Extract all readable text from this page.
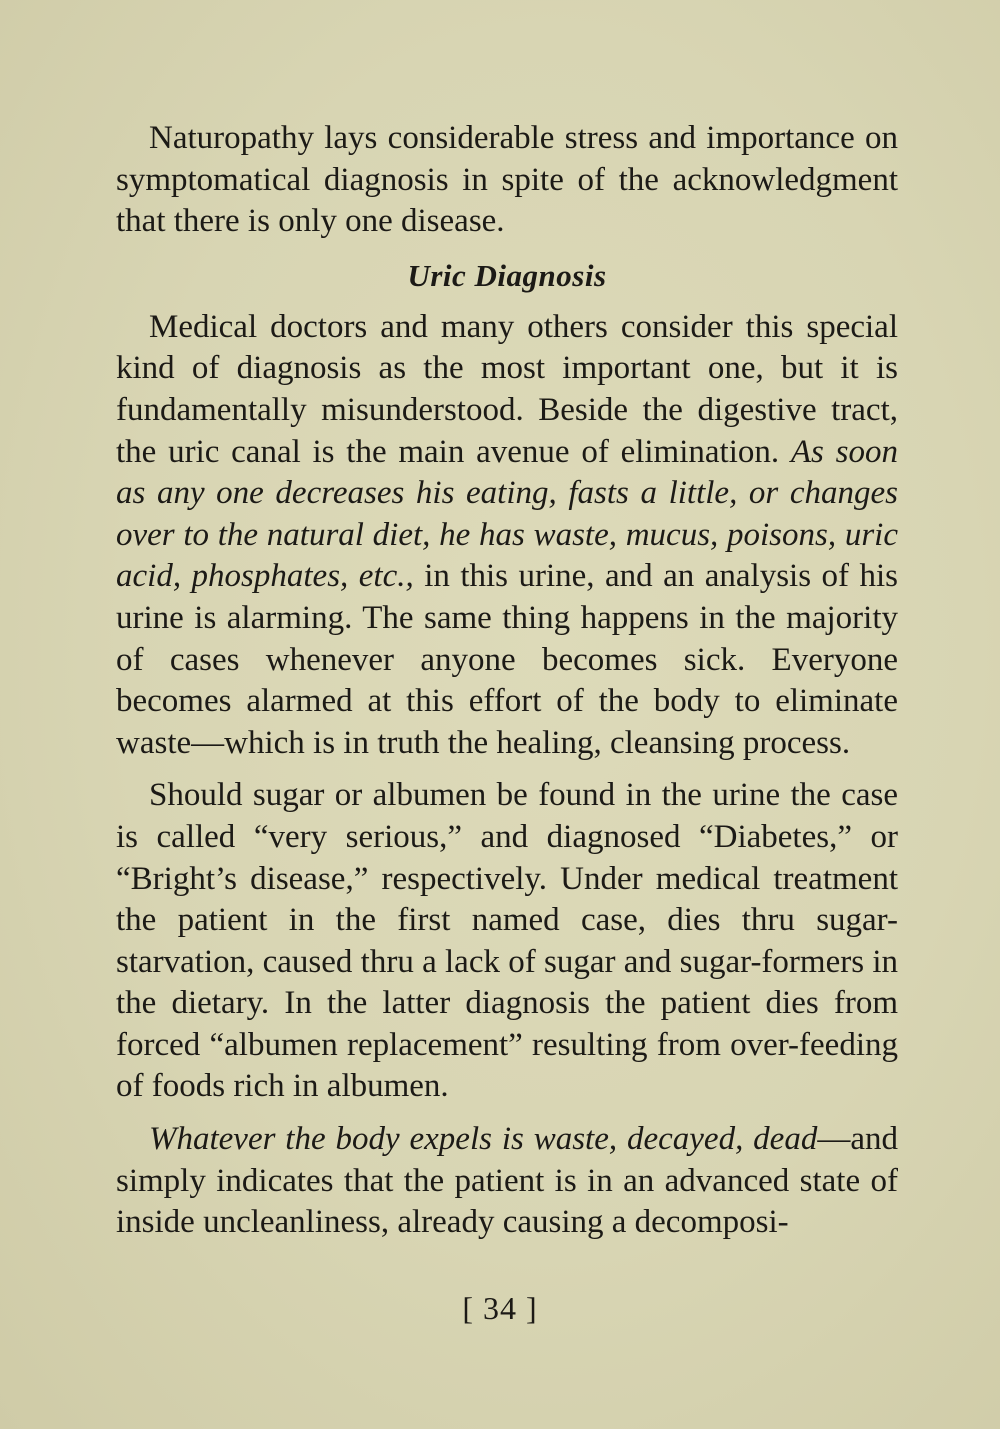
Naturopathy lays considerable stress and importance on symptomatical diagnosis in spite of the acknowledgment that there is only one disease.

Uric Diagnosis

Medical doctors and many others consider this special kind of diagnosis as the most important one, but it is fundamentally misunderstood. Beside the digestive tract, the uric canal is the main avenue of elimination. As soon as any one decreases his eating, fasts a little, or changes over to the natural diet, he has waste, mucus, poisons, uric acid, phosphates, etc., in this urine, and an analysis of his urine is alarming. The same thing happens in the majority of cases whenever anyone becomes sick. Everyone becomes alarmed at this effort of the body to eliminate waste—which is in truth the healing, cleansing process.

Should sugar or albumen be found in the urine the case is called “very serious,” and diagnosed “Diabetes,” or “Bright’s disease,” respectively. Under medical treatment the patient in the first named case, dies thru sugar-starvation, caused thru a lack of sugar and sugar-formers in the dietary. In the latter diagnosis the patient dies from forced “albumen replacement” resulting from over-feeding of foods rich in albumen.

Whatever the body expels is waste, decayed, dead—and simply indicates that the patient is in an advanced state of inside uncleanliness, already causing a decomposi-

[ 34 ]
